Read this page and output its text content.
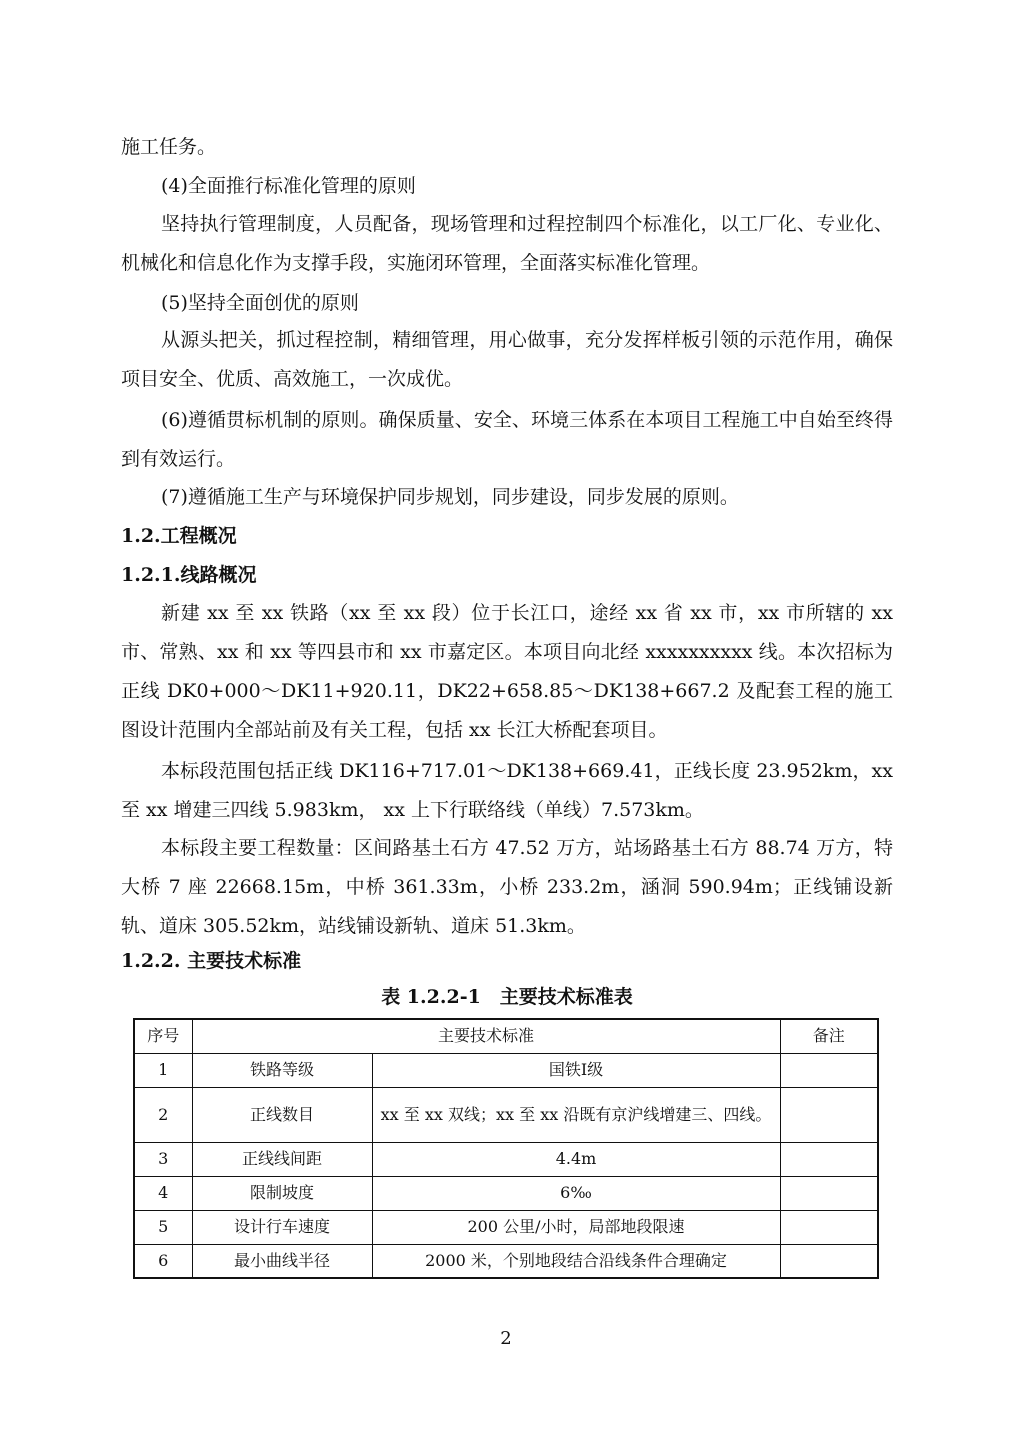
施工任务。

(4)全面推行标准化管理的原则

坚持执行管理制度，人员配备，现场管理和过程控制四个标准化，以工厂化、专业化、机械化和信息化作为支撑手段，实施闭环管理，全面落实标准化管理。

(5)坚持全面创优的原则

从源头把关，抓过程控制，精细管理，用心做事，充分发挥样板引领的示范作用，确保项目安全、优质、高效施工，一次成优。

(6)遵循贯标机制的原则。确保质量、安全、环境三体系在本项目工程施工中自始至终得到有效运行。

(7)遵循施工生产与环境保护同步规划，同步建设，同步发展的原则。

1.2.工程概况

1.2.1.线路概况

新建 xx 至 xx 铁路（xx 至 xx 段）位于长江口，途经 xx 省 xx 市，xx 市所辖的 xx 市、常熟、xx 和 xx 等四县市和 xx 市嘉定区。本项目向北经 xxxxxxxxxx 线。本次招标为正线 DK0+000～DK11+920.11，DK22+658.85～DK138+667.2 及配套工程的施工图设计范围内全部站前及有关工程，包括 xx 长江大桥配套项目。

本标段范围包括正线 DK116+717.01～DK138+669.41，正线长度 23.952km，xx 至 xx 增建三四线 5.983km， xx 上下行联络线（单线）7.573km。

本标段主要工程数量：区间路基土石方 47.52 万方，站场路基土石方 88.74 万方，特大桥 7 座 22668.15m，中桥 361.33m，小桥 233.2m，涵洞 590.94m；正线铺设新轨、道床 305.52km，站线铺设新轨、道床 51.3km。

1.2.2. 主要技术标准

表 1.2.2-1　主要技术标准表
序号	主要技术标准		备注
1	铁路等级	国铁Ⅰ级	
2	正线数目	xx 至 xx 双线；xx 至 xx 沿既有京沪线增建三、四线。	
3	正线线间距	4.4m	
4	限制坡度	6‰	
5	设计行车速度	200 公里/小时，局部地段限速	
6	最小曲线半径	2000 米，个别地段结合沿线条件合理确定	
2
